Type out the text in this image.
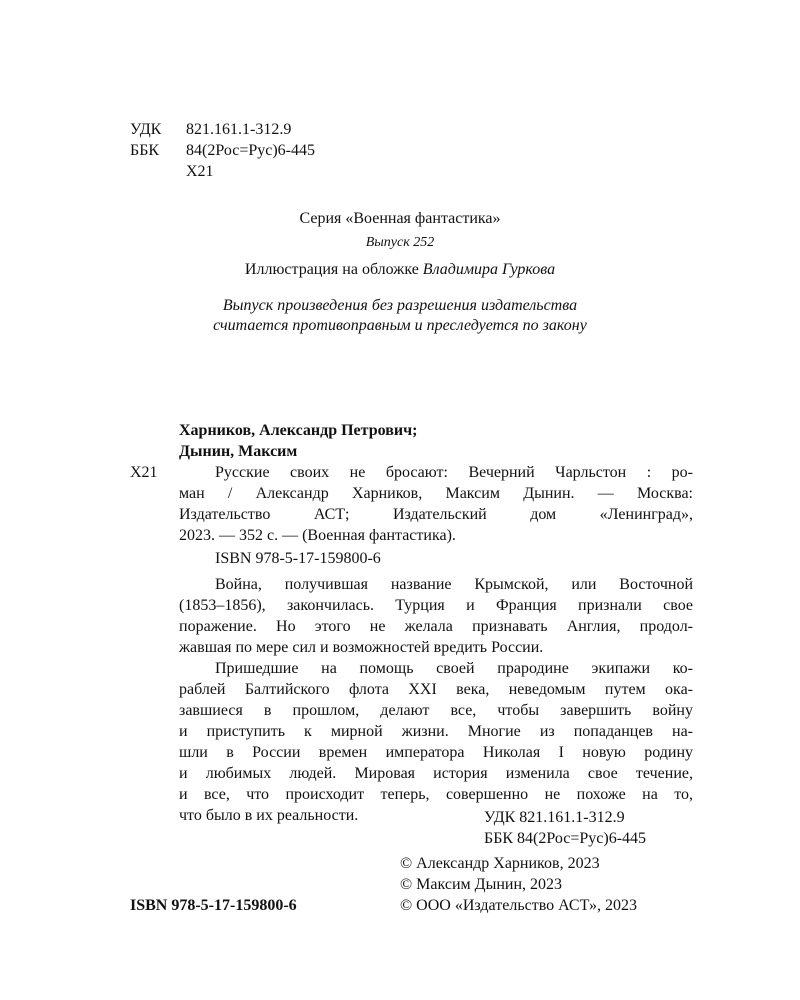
УДК 821.161.1-312.9
ББК 84(2Рос=Рус)6-445
Х21
Серия «Военная фантастика»
Выпуск 252
Иллюстрация на обложке Владимира Гуркова
Выпуск произведения без разрешения издательства
считается противоправным и преследуется по закону
Харников, Александр Петрович;
Дынин, Максим
Х21	Русские своих не бросают: Вечерний Чарльстон : ро-
ман / Александр Харников, Максим Дынин. — Москва:
Издательство АСТ; Издательский дом «Ленинград»,
2023. — 352 с. — (Военная фантастика).
ISBN 978-5-17-159800-6
Война, получившая название Крымской, или Восточной
(1853–1856), закончилась. Турция и Франция признали свое
поражение. Но этого не желала признавать Англия, продол-
жавшая по мере сил и возможностей вредить России.
Пришедшие на помощь своей прародине экипажи ко-
раблей Балтийского флота XXI века, неведомым путем ока-
завшиеся в прошлом, делают все, чтобы завершить войну
и приступить к мирной жизни. Многие из попаданцев на-
шли в России времен императора Николая I новую родину
и любимых людей. Мировая история изменила свое течение,
и все, что происходит теперь, совершенно не похоже на то,
что было в их реальности.	УДК 821.161.1-312.9
ББК 84(2Рос=Рус)6-445
© Александр Харников, 2023
© Максим Дынин, 2023
© ООО «Издательство АСТ», 2023
ISBN 978-5-17-159800-6
